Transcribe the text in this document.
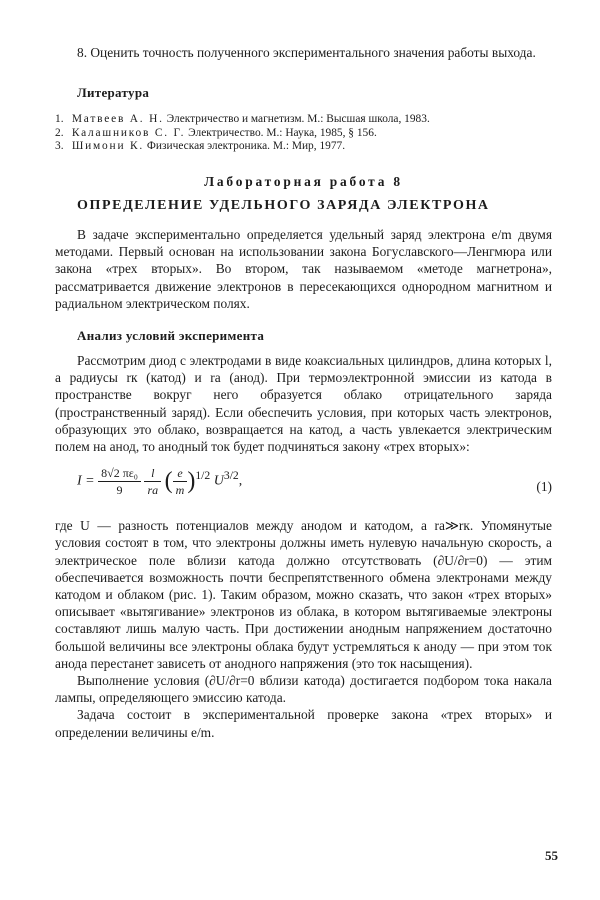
8. Оценить точность полученного экспериментального значения работы выхода.

Литература
1. Матвеев А. Н. Электричество и магнетизм. М.: Высшая школа, 1983.
2. Калашников С. Г. Электричество. М.: Наука, 1985, § 156.
3. Шимони К. Физическая электроника. М.: Мир, 1977.
Лабораторная работа 8
ОПРЕДЕЛЕНИЕ УДЕЛЬНОГО ЗАРЯДА ЭЛЕКТРОНА

В задаче экспериментально определяется удельный заряд электрона e/m двумя методами. Первый основан на использовании закона Богуславского—Ленгмюра или закона «трех вторых». Во втором, так называемом «методе магнетрона», рассматривается движение электронов в пересекающихся однородном магнитном и радиальном электрическом полях.

Анализ условий эксперимента

Рассмотрим диод с электродами в виде коаксиальных цилиндров, длина которых l, а радиусы rк (катод) и rа (анод). При термоэлектронной эмиссии из катода в пространстве вокруг него образуется облако отрицательного заряда (пространственный заряд). Если обеспечить условия, при которых часть электронов, образующих это облако, возвращается на катод, а часть увлекается электрическим полем на анод, то анодный ток будет подчиняться закону «трех вторых»:

$I = \frac{\text{8√2 πε₀}}{9}$
$\frac{l}{rа}$ ( $\frac{e}{m} )^{1/2}$ $U^{3/2}$,	(1)

где U — разность потенциалов между анодом и катодом, а rа≫rк. Упомянутые условия состоят в том, что электроны должны иметь нулевую начальную скорость, а электрическое поле вблизи катода должно отсутствовать (∂U/∂r=0) — этим обеспечивается возможность почти беспрепятственного обмена электронами между катодом и облаком (рис. 1). Таким образом, можно сказать, что закон «трех вторых» описывает «вытягивание» электронов из облака, в котором вытягиваемые электроны составляют лишь малую часть. При достижении анодным напряжением достаточно большой величины все электроны облака будут устремляться к аноду — при этом ток анода перестанет зависеть от анодного напряжения (это ток насыщения).

Выполнение условия (∂U/∂r=0 вблизи катода) достигается подбором тока накала лампы, определяющего эмиссию катода.

Задача состоит в экспериментальной проверке закона «трех вторых» и определении величины e/m.

55
